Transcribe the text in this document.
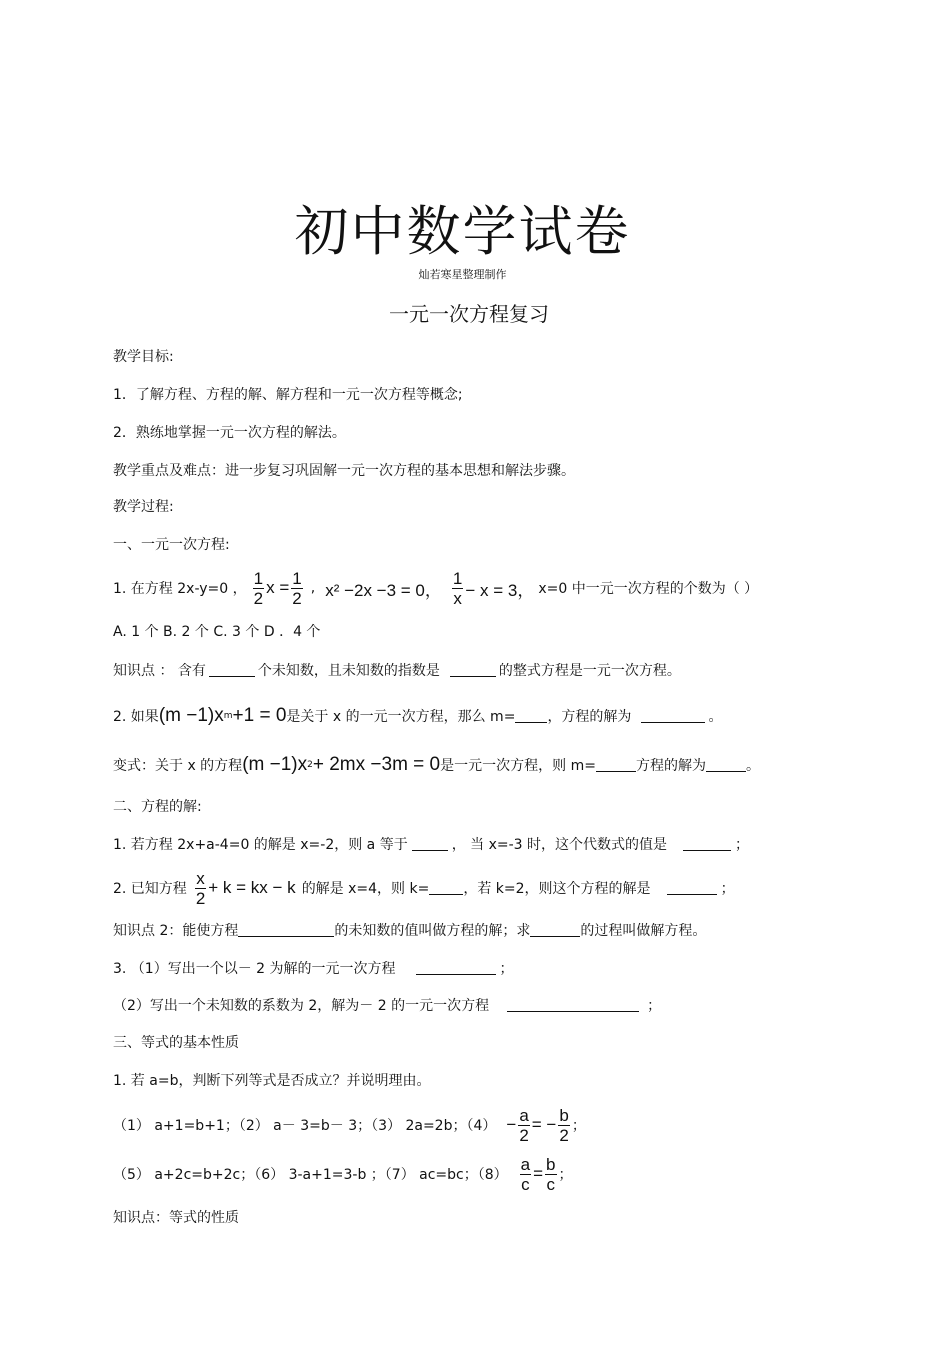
初中数学试卷
灿若寒星整理制作
一元一次方程复习
教学目标:
1．了解方程、方程的解、解方程和一元一次方程等概念;
2．熟练地掌握一元一次方程的解法。
教学重点及难点：进一步复习巩固解一元一次方程的基本思想和解法步骤。
教学过程:
一、一元一次方程:
1. 在方程 2x-y=0 ， $\frac{1}{2}$ $x = \frac{1}{2}$ , x² −2x −3 = 0， $\frac{1}{x} - x = 3$， x=0 中一元一次方程的个数为（ ）
A. 1 个 B. 2 个 C. 3 个 D ．4 个
知识点 ： 含有	个未知数，且未知数的指数是	的整式方程是一元一次方程。
2. 如果 (m −1)x m +1 = 0 是关于 x 的一元一次方程，那么 m= ，方程的解为	。
变式：关于 x 的方程 (m −1)x 2 + 2mx −3m = 0 是一元一次方程，则 m=	方程的解为	。
二、方程的解:
1. 若方程 2x+a-4=0 的解是 x=-2，则 a 等于	， 当 x=-3 时，这个代数式的值是	；
2. 已知方程 $\frac{x}{2} + k$ = kx − k 的解是 x=4，则 k= ，若 k=2，则这个方程的解是	；
知识点 2：能使方程	的未知数的值叫做方程的解；求	的过程叫做解方程。
3. （1）写出一个以－ 2 为解的一元一次方程	；
（2）写出一个未知数的系数为 2，解为－ 2 的一元一次方程	；
三、等式的基本性质
1. 若 a=b，判断下列等式是否成立？并说明理由。
（1） a+1=b+1；（2） a－ 3=b－ 3；（3） 2a=2b；$(4) - \frac{a}{2}$ = − $\frac{b}{2}$ ；
（5） a+2c=b+2c；（6） 3-a+1=3-b ；（7） ac=bc；$(8) \frac{a}{c} = \frac{b}{c}$ ；
知识点：等式的性质
